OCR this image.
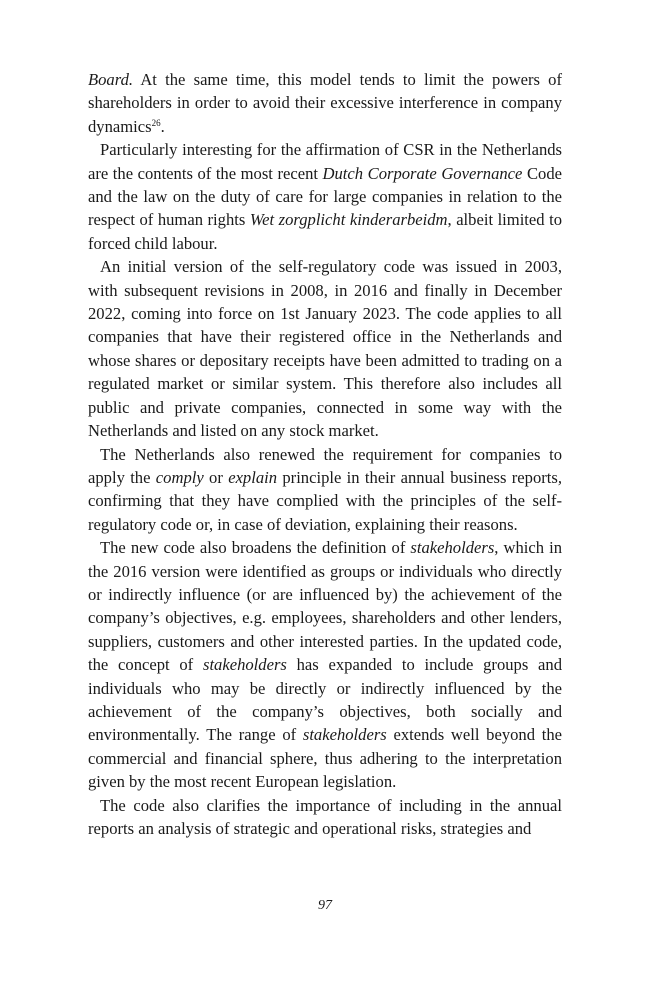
Board. At the same time, this model tends to limit the powers of shareholders in order to avoid their excessive interference in company dynamics$^{26}$.

Particularly interesting for the affirmation of CSR in the Netherlands are the contents of the most recent Dutch Corporate Governance Code and the law on the duty of care for large companies in relation to the respect of human rights Wet zorgplicht kinderarbeidm, albeit limited to forced child labour.

An initial version of the self-regulatory code was issued in 2003, with subsequent revisions in 2008, in 2016 and finally in December 2022, coming into force on 1st January 2023. The code applies to all companies that have their registered office in the Netherlands and whose shares or depositary receipts have been admitted to trading on a regulated market or similar system. This therefore also includes all public and private companies, connected in some way with the Netherlands and listed on any stock market.

The Netherlands also renewed the requirement for companies to apply the comply or explain principle in their annual business reports, confirming that they have complied with the principles of the self-regulatory code or, in case of deviation, explaining their reasons.

The new code also broadens the definition of stakeholders, which in the 2016 version were identified as groups or individuals who directly or indirectly influence (or are influenced by) the achievement of the company’s objectives, e.g. employees, shareholders and other lenders, suppliers, customers and other interested parties. In the updated code, the concept of stakeholders has expanded to include groups and individuals who may be directly or indirectly influenced by the achievement of the company’s objectives, both socially and environmentally. The range of stakeholders extends well beyond the commercial and financial sphere, thus adhering to the interpretation given by the most recent European legislation.

The code also clarifies the importance of including in the annual reports an analysis of strategic and operational risks, strategies and

97
